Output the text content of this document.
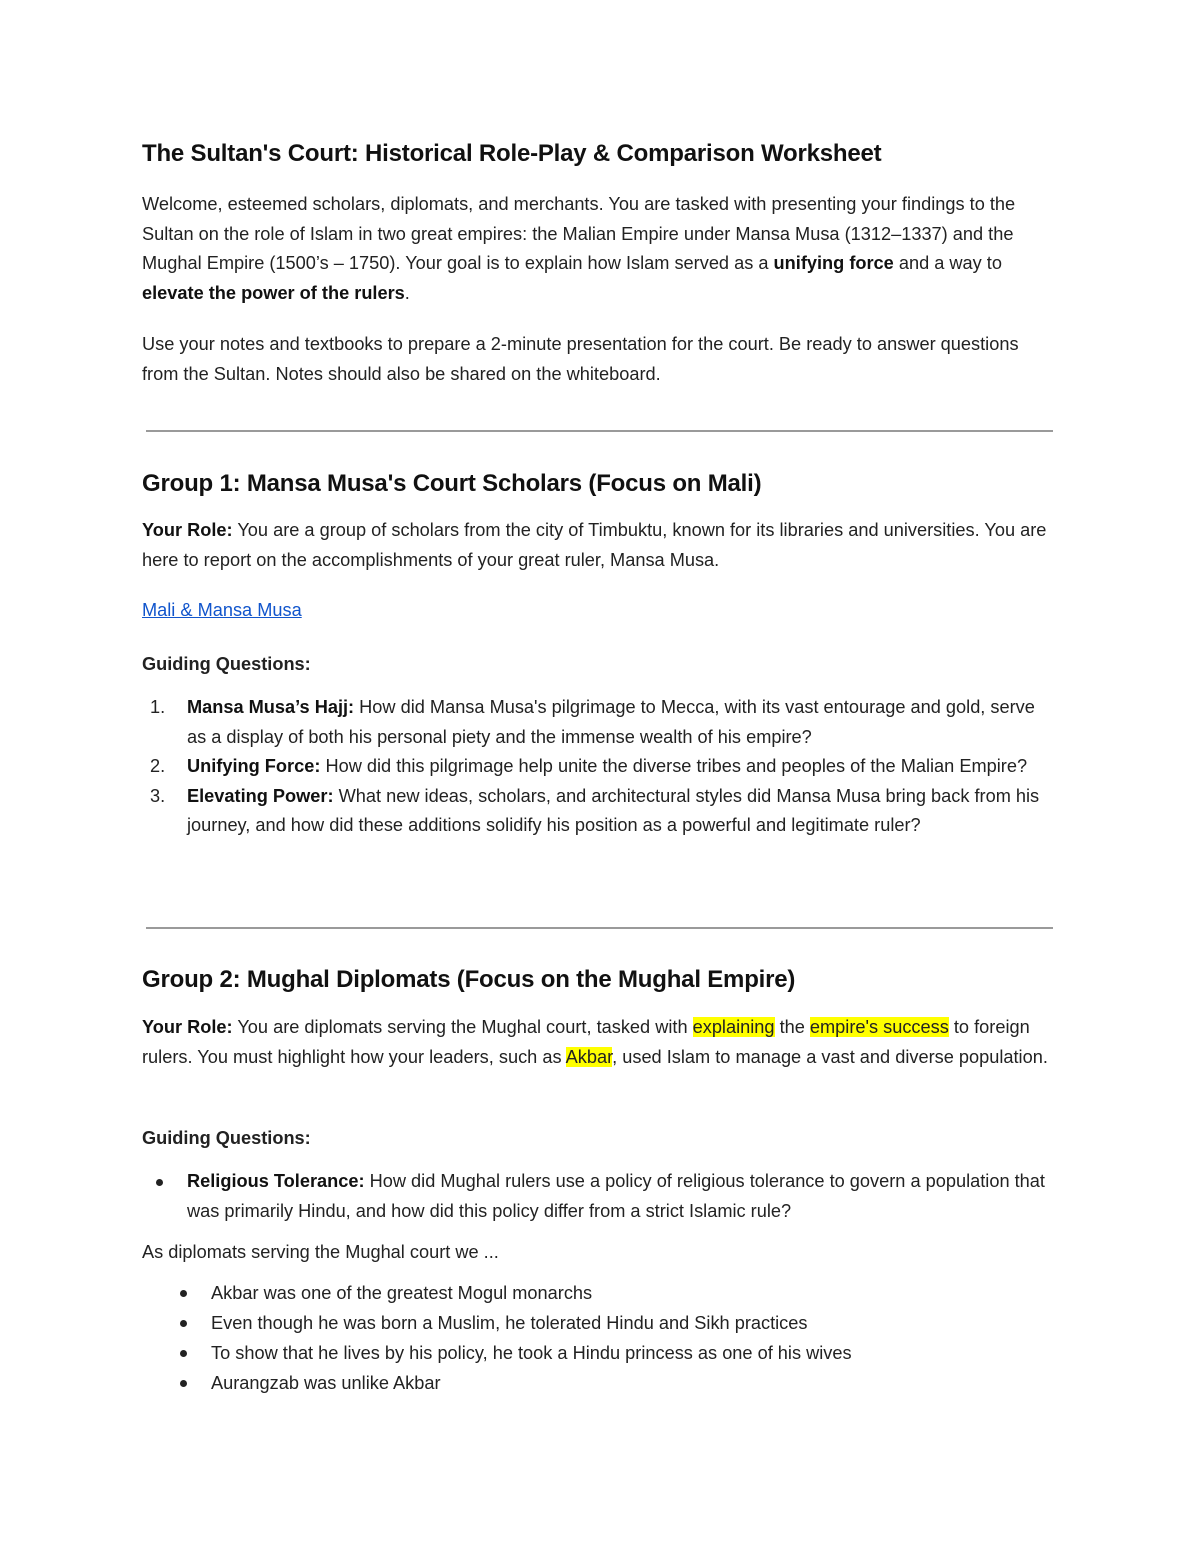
The Sultan's Court: Historical Role-Play & Comparison Worksheet

Welcome, esteemed scholars, diplomats, and merchants. You are tasked with presenting your findings to the Sultan on the role of Islam in two great empires: the Malian Empire under Mansa Musa (1312–1337) and the Mughal Empire (1500’s – 1750). Your goal is to explain how Islam served as a unifying force and a way to elevate the power of the rulers.

Use your notes and textbooks to prepare a 2-minute presentation for the court. Be ready to answer questions from the Sultan. Notes should also be shared on the whiteboard.

Group 1: Mansa Musa's Court Scholars (Focus on Mali)

Your Role: You are a group of scholars from the city of Timbuktu, known for its libraries and universities. You are here to report on the accomplishments of your great ruler, Mansa Musa.

Mali & Mansa Musa
Guiding Questions:
1. Mansa Musa’s Hajj: How did Mansa Musa's pilgrimage to Mecca, with its vast entourage and gold, serve as a display of both his personal piety and the immense wealth of his empire?
2. Unifying Force: How did this pilgrimage help unite the diverse tribes and peoples of the Malian Empire?
3. Elevating Power: What new ideas, scholars, and architectural styles did Mansa Musa bring back from his journey, and how did these additions solidify his position as a powerful and legitimate ruler?
Group 2: Mughal Diplomats (Focus on the Mughal Empire)

Your Role: You are diplomats serving the Mughal court, tasked with explaining the empire's success to foreign rulers. You must highlight how your leaders, such as Akbar, used Islam to manage a vast and diverse population.

Guiding Questions:
Religious Tolerance: How did Mughal rulers use a policy of religious tolerance to govern a population that was primarily Hindu, and how did this policy differ from a strict Islamic rule?

As diplomats serving the Mughal court we ...

Akbar was one of the greatest Mogul monarchs
Even though he was born a Muslim, he tolerated Hindu and Sikh practices
To show that he lives by his policy, he took a Hindu princess as one of his wives
Aurangzab was unlike Akbar
